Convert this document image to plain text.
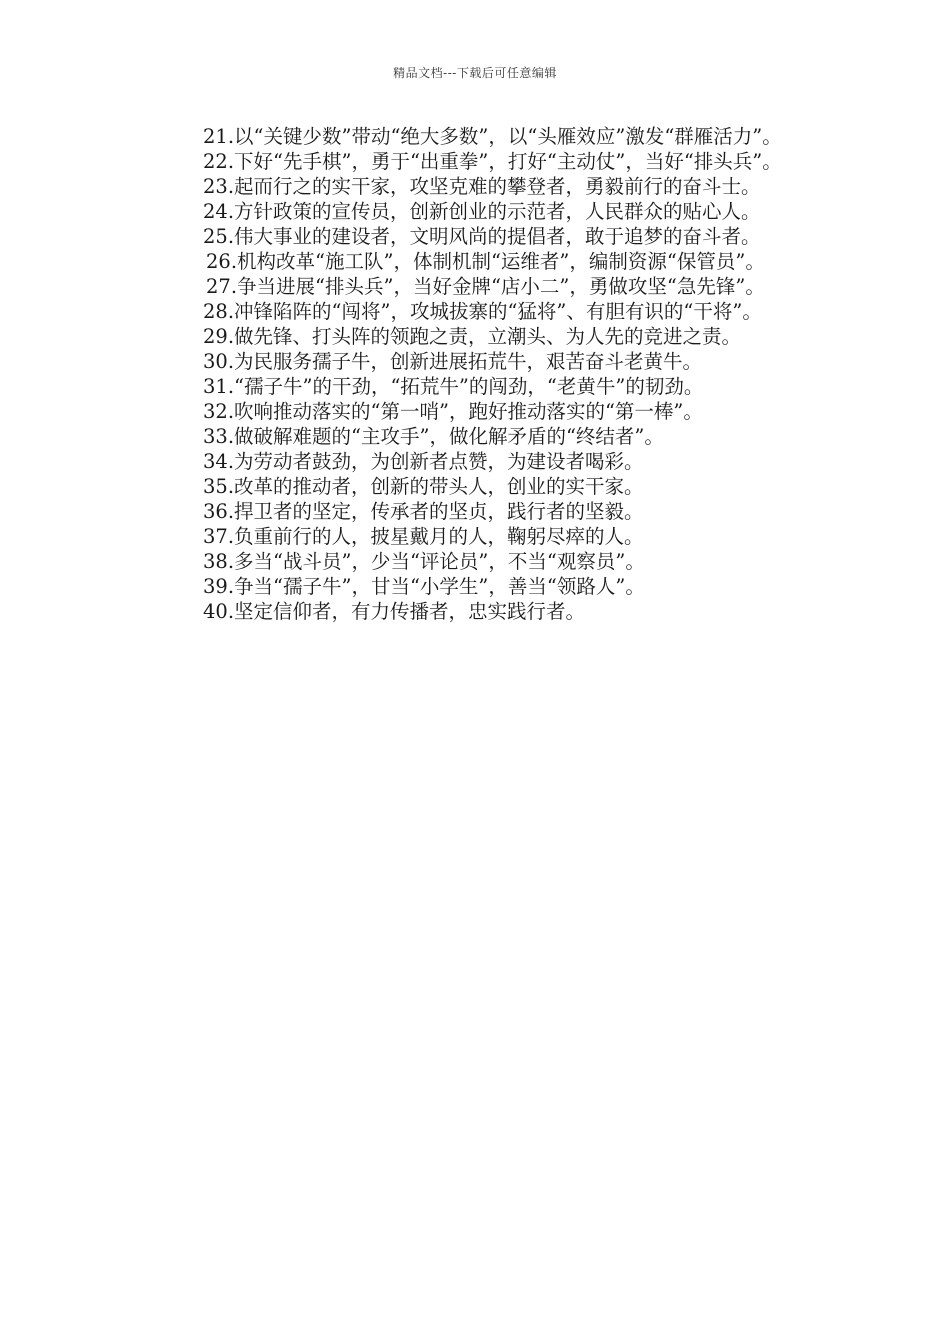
精品文档---下载后可任意编辑

21.以“关键少数”带动“绝大多数”，以“头雁效应”激发“群雁活力”。

22.下好“先手棋”，勇于“出重拳”，打好“主动仗”，当好“排头兵”。

23.起而行之的实干家，攻坚克难的攀登者，勇毅前行的奋斗士。

24.方针政策的宣传员，创新创业的示范者，人民群众的贴心人。

25.伟大事业的建设者，文明风尚的提倡者，敢于追梦的奋斗者。

26.机构改革“施工队”，体制机制“运维者”，编制资源“保管员”。

27.争当进展“排头兵”，当好金牌“店小二”，勇做攻坚“急先锋”。

28.冲锋陷阵的“闯将”，攻城拔寨的“猛将”、有胆有识的“干将”。

29.做先锋、打头阵的领跑之责，立潮头、为人先的竞进之责。

30.为民服务孺子牛，创新进展拓荒牛，艰苦奋斗老黄牛。

31.“孺子牛”的干劲，“拓荒牛”的闯劲，“老黄牛”的韧劲。

32.吹响推动落实的“第一哨”，跑好推动落实的“第一棒”。

33.做破解难题的“主攻手”，做化解矛盾的“终结者”。

34.为劳动者鼓劲，为创新者点赞，为建设者喝彩。

35.改革的推动者，创新的带头人，创业的实干家。

36.捍卫者的坚定，传承者的坚贞，践行者的坚毅。

37.负重前行的人，披星戴月的人，鞠躬尽瘁的人。

38.多当“战斗员”，少当“评论员”，不当“观察员”。

39.争当“孺子牛”，甘当“小学生”，善当“领路人”。

40.坚定信仰者，有力传播者，忠实践行者。
